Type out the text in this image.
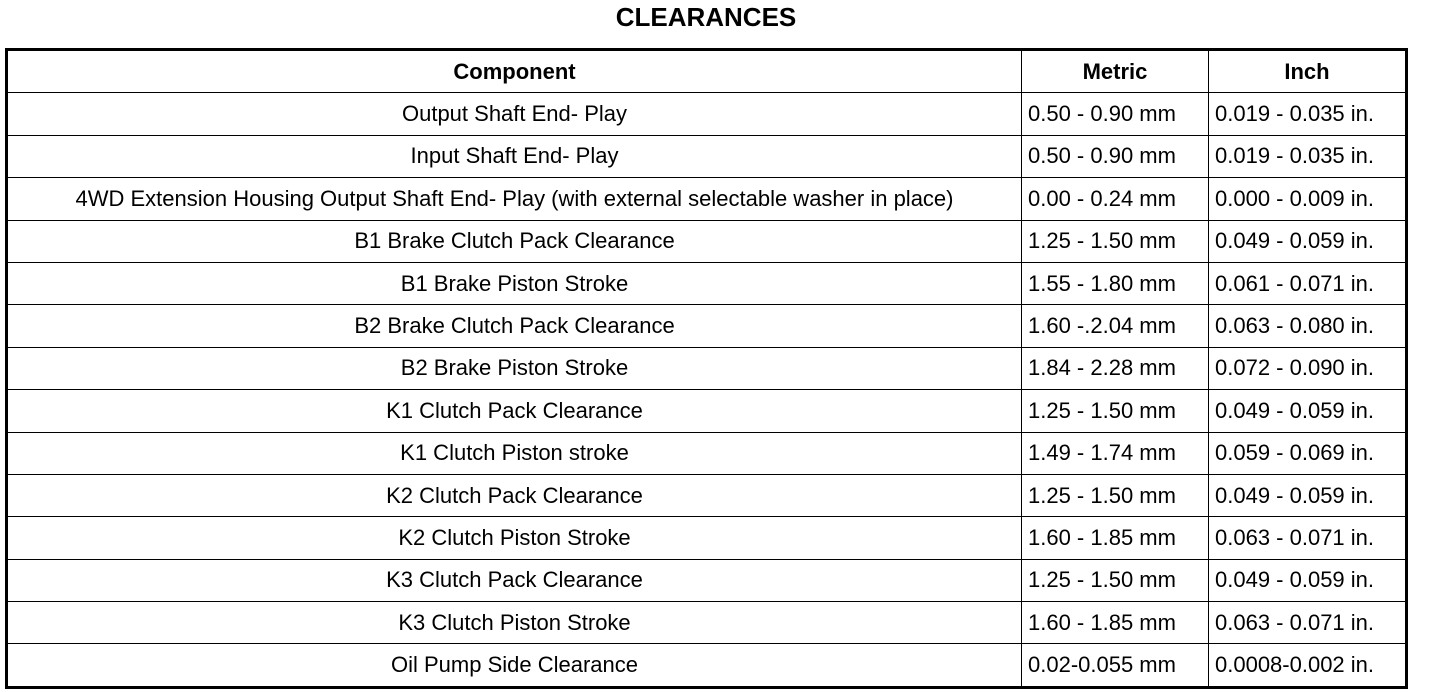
CLEARANCES
Component	Metric	Inch
Output Shaft End- Play	0.50 - 0.90 mm	0.019 - 0.035 in.
Input Shaft End- Play	0.50 - 0.90 mm	0.019 - 0.035 in.
4WD Extension Housing Output Shaft End- Play (with external selectable washer in place)	0.00 - 0.24 mm	0.000 - 0.009 in.
B1 Brake Clutch Pack Clearance	1.25 - 1.50 mm	0.049 - 0.059 in.
B1 Brake Piston Stroke	1.55 - 1.80 mm	0.061 - 0.071 in.
B2 Brake Clutch Pack Clearance	1.60 -.2.04 mm	0.063 - 0.080 in.
B2 Brake Piston Stroke	1.84 - 2.28 mm	0.072 - 0.090 in.
K1 Clutch Pack Clearance	1.25 - 1.50 mm	0.049 - 0.059 in.
K1 Clutch Piston stroke	1.49 - 1.74 mm	0.059 - 0.069 in.
K2 Clutch Pack Clearance	1.25 - 1.50 mm	0.049 - 0.059 in.
K2 Clutch Piston Stroke	1.60 - 1.85 mm	0.063 - 0.071 in.
K3 Clutch Pack Clearance	1.25 - 1.50 mm	0.049 - 0.059 in.
K3 Clutch Piston Stroke	1.60 - 1.85 mm	0.063 - 0.071 in.
Oil Pump Side Clearance	0.02-0.055 mm	0.0008-0.002 in.
